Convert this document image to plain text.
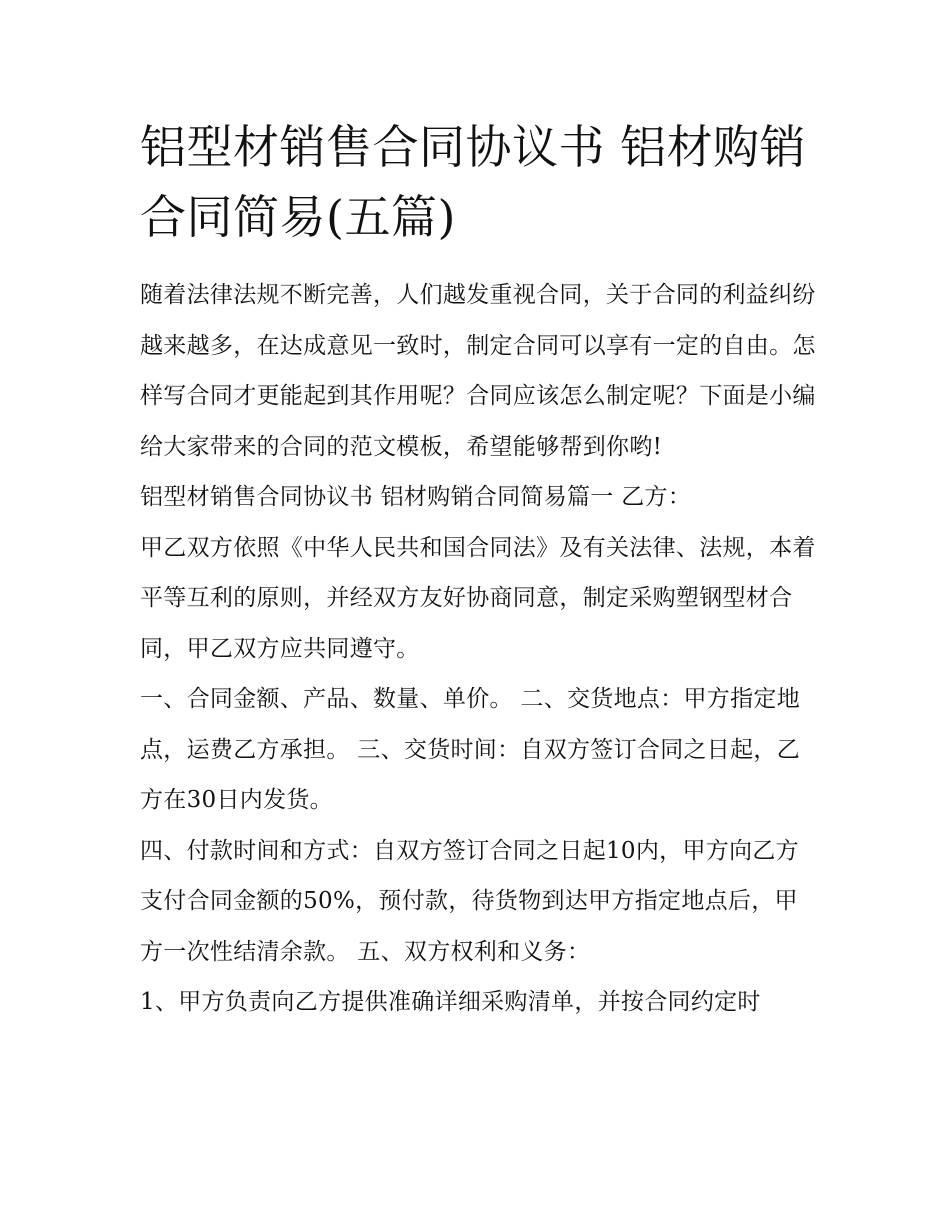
铝型材销售合同协议书 铝材购销合同简易(五篇)

随着法律法规不断完善，人们越发重视合同，关于合同的利益纠纷越来越多，在达成意见一致时，制定合同可以享有一定的自由。怎样写合同才更能起到其作用呢？合同应该怎么制定呢？下面是小编给大家带来的合同的范文模板，希望能够帮到你哟!

铝型材销售合同协议书 铝材购销合同简易篇一 乙方：

甲乙双方依照《中华人民共和国合同法》及有关法律、法规，本着平等互利的原则，并经双方友好协商同意，制定采购塑钢型材合同，甲乙双方应共同遵守。

一、合同金额、产品、数量、单价。 二、交货地点：甲方指定地点，运费乙方承担。 三、交货时间：自双方签订合同之日起，乙方在30日内发货。

四、付款时间和方式：自双方签订合同之日起10内，甲方向乙方支付合同金额的50%，预付款，待货物到达甲方指定地点后，甲方一次性结清余款。 五、双方权利和义务：

1、甲方负责向乙方提供准确详细采购清单，并按合同约定时
